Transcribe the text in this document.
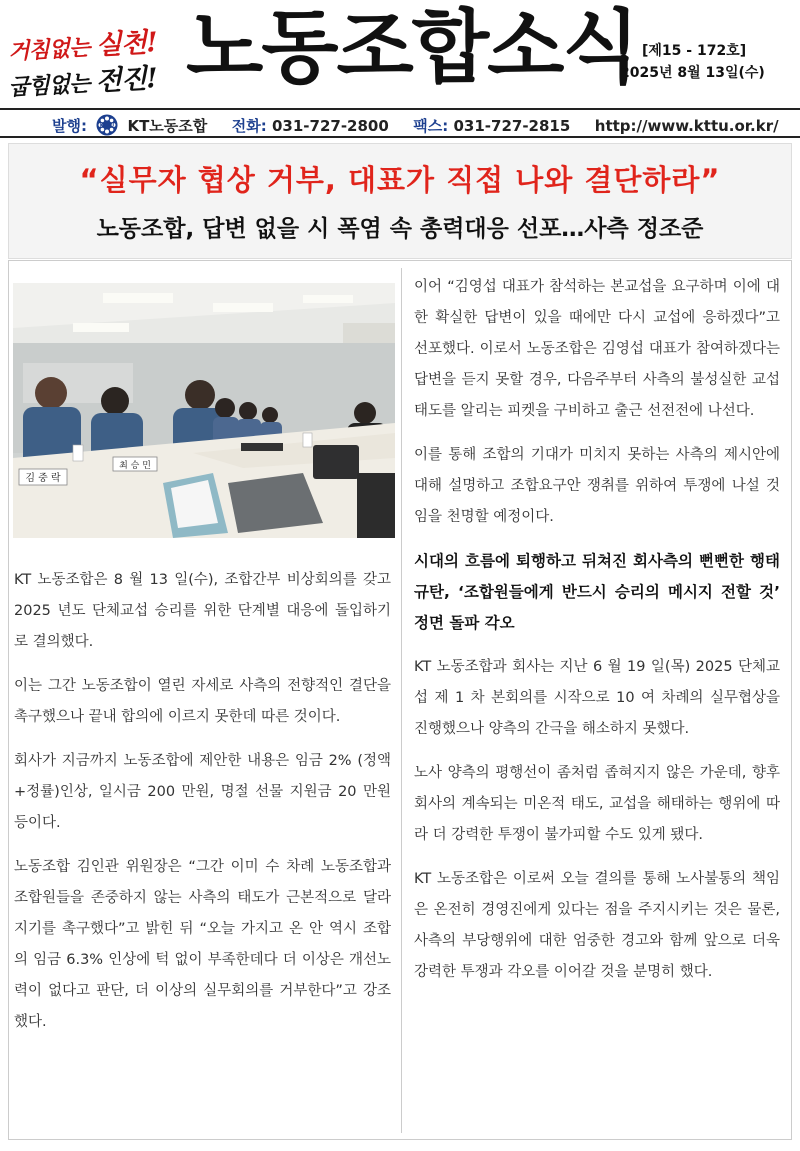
거침없는 실천!
굽힘없는 전진! 노동조합소식 [제15 - 172호]
2025년 8월 13일(수)
발행:	KTTU KT노동조합 전화: 031-727-2800 팩스: 031-727-2815 http://www.kttu.or.kr/
“실무자 협상 거부, 대표가 직접 나와 결단하라”
노동조합, 답변 없을 시 폭염 속 총력대응 선포…사측 정조준
김 중 락
최 승 민

KT 노동조합은 8 월 13 일(수), 조합간부 비상회의를 갖고 2025 년도 단체교섭 승리를 위한 단계별 대응에 돌입하기로 결의했다.

이는 그간 노동조합이 열린 자세로 사측의 전향적인 결단을 촉구했으나 끝내 합의에 이르지 못한데 따른 것이다.

회사가 지금까지 노동조합에 제안한 내용은 임금 2% (정액+정률)인상, 일시금 200 만원, 명절 선물 지원금 20 만원 등이다.

노동조합 김인관 위원장은 “그간 이미 수 차례 노동조합과 조합원들을 존중하지 않는 사측의 태도가 근본적으로 달라지기를 촉구했다”고 밝힌 뒤 “오늘 가지고 온 안 역시 조합의 임금 6.3% 인상에 턱 없이 부족한데다 더 이상은 개선노력이 없다고 판단, 더 이상의 실무회의를 거부한다”고 강조했다.

이어 “김영섭 대표가 참석하는 본교섭을 요구하며 이에 대한 확실한 답변이 있을 때에만 다시 교섭에 응하겠다”고 선포했다. 이로서 노동조합은 김영섭 대표가 참여하겠다는 답변을 듣지 못할 경우, 다음주부터 사측의 불성실한 교섭 태도를 알리는 피켓을 구비하고 출근 선전전에 나선다.

이를 통해 조합의 기대가 미치지 못하는 사측의 제시안에 대해 설명하고 조합요구안 쟁취를 위하여 투쟁에 나설 것임을 천명할 예정이다.

시대의 흐름에 퇴행하고 뒤쳐진 회사측의 뻔뻔한 행태 규탄, ‘조합원들에게 반드시 승리의 메시지 전할 것’ 정면 돌파 각오

KT 노동조합과 회사는 지난 6 월 19 일(목) 2025 단체교섭 제 1 차 본회의를 시작으로 10 여 차례의 실무협상을 진행했으나 양측의 간극을 해소하지 못했다.

노사 양측의 평행선이 좀처럼 좁혀지지 않은 가운데, 향후 회사의 계속되는 미온적 태도, 교섭을 해태하는 행위에 따라 더 강력한 투쟁이 불가피할 수도 있게 됐다.

KT 노동조합은 이로써 오늘 결의를 통해 노사불통의 책임은 온전히 경영진에게 있다는 점을 주지시키는 것은 물론, 사측의 부당행위에 대한 엄중한 경고와 함께 앞으로 더욱 강력한 투쟁과 각오를 이어갈 것을 분명히 했다.
